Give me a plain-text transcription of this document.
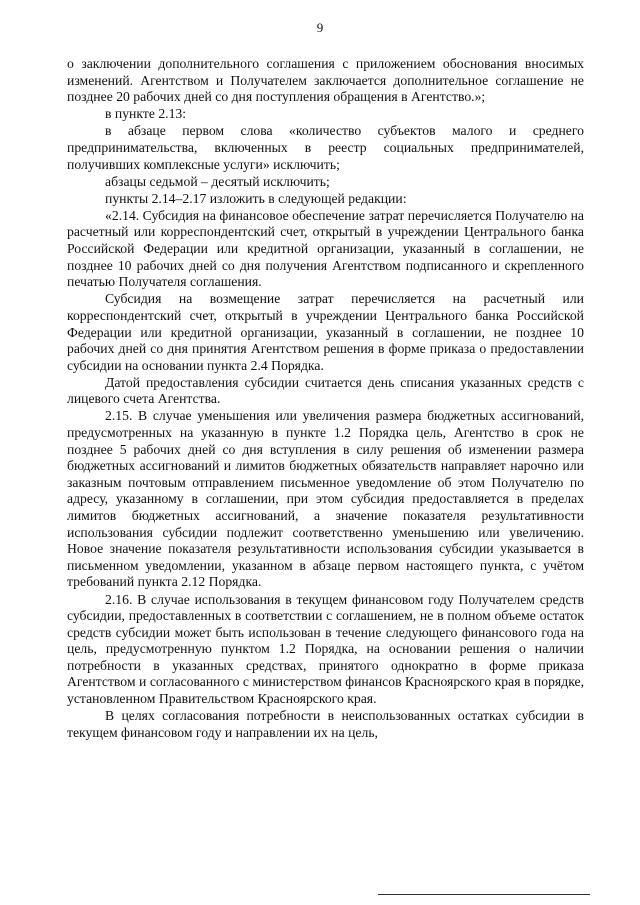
9

о заключении дополнительного соглашения с приложением обоснования вносимых изменений. Агентством и Получателем заключается дополнительное соглашение не позднее 20 рабочих дней со дня поступления обращения в Агентство.»;

в пункте 2.13:

в абзаце первом слова «количество субъектов малого и среднего предпринимательства, включенных в реестр социальных предпринимателей, получивших комплексные услуги» исключить;

абзацы седьмой – десятый исключить;

пункты 2.14–2.17 изложить в следующей редакции:

«2.14. Субсидия на финансовое обеспечение затрат перечисляется Получателю на расчетный или корреспондентский счет, открытый в учреждении Центрального банка Российской Федерации или кредитной организации, указанный в соглашении, не позднее 10 рабочих дней со дня получения Агентством подписанного и скрепленного печатью Получателя соглашения.

Субсидия на возмещение затрат перечисляется на расчетный или корреспондентский счет, открытый в учреждении Центрального банка Российской Федерации или кредитной организации, указанный в соглашении, не позднее 10 рабочих дней со дня принятия Агентством решения в форме приказа о предоставлении субсидии на основании пункта 2.4 Порядка.

Датой предоставления субсидии считается день списания указанных средств с лицевого счета Агентства.

2.15. В случае уменьшения или увеличения размера бюджетных ассигнований, предусмотренных на указанную в пункте 1.2 Порядка цель, Агентство в срок не позднее 5 рабочих дней со дня вступления в силу решения об изменении размера бюджетных ассигнований и лимитов бюджетных обязательств направляет нарочно или заказным почтовым отправлением письменное уведомление об этом Получателю по адресу, указанному в соглашении, при этом субсидия предоставляется в пределах лимитов бюджетных ассигнований, а значение показателя результативности использования субсидии подлежит соответственно уменьшению или увеличению. Новое значение показателя результативности использования субсидии указывается в письменном уведомлении, указанном в абзаце первом настоящего пункта, с учётом требований пункта 2.12 Порядка.

2.16. В случае использования в текущем финансовом году Получателем средств субсидии, предоставленных в соответствии с соглашением, не в полном объеме остаток средств субсидии может быть использован в течение следующего финансового года на цель, предусмотренную пунктом 1.2 Порядка, на основании решения о наличии потребности в указанных средствах, принятого однократно в форме приказа Агентством и согласованного с министерством финансов Красноярского края в порядке, установленном Правительством Красноярского края.

В целях согласования потребности в неиспользованных остатках субсидии в текущем финансовом году и направлении их на цель,
